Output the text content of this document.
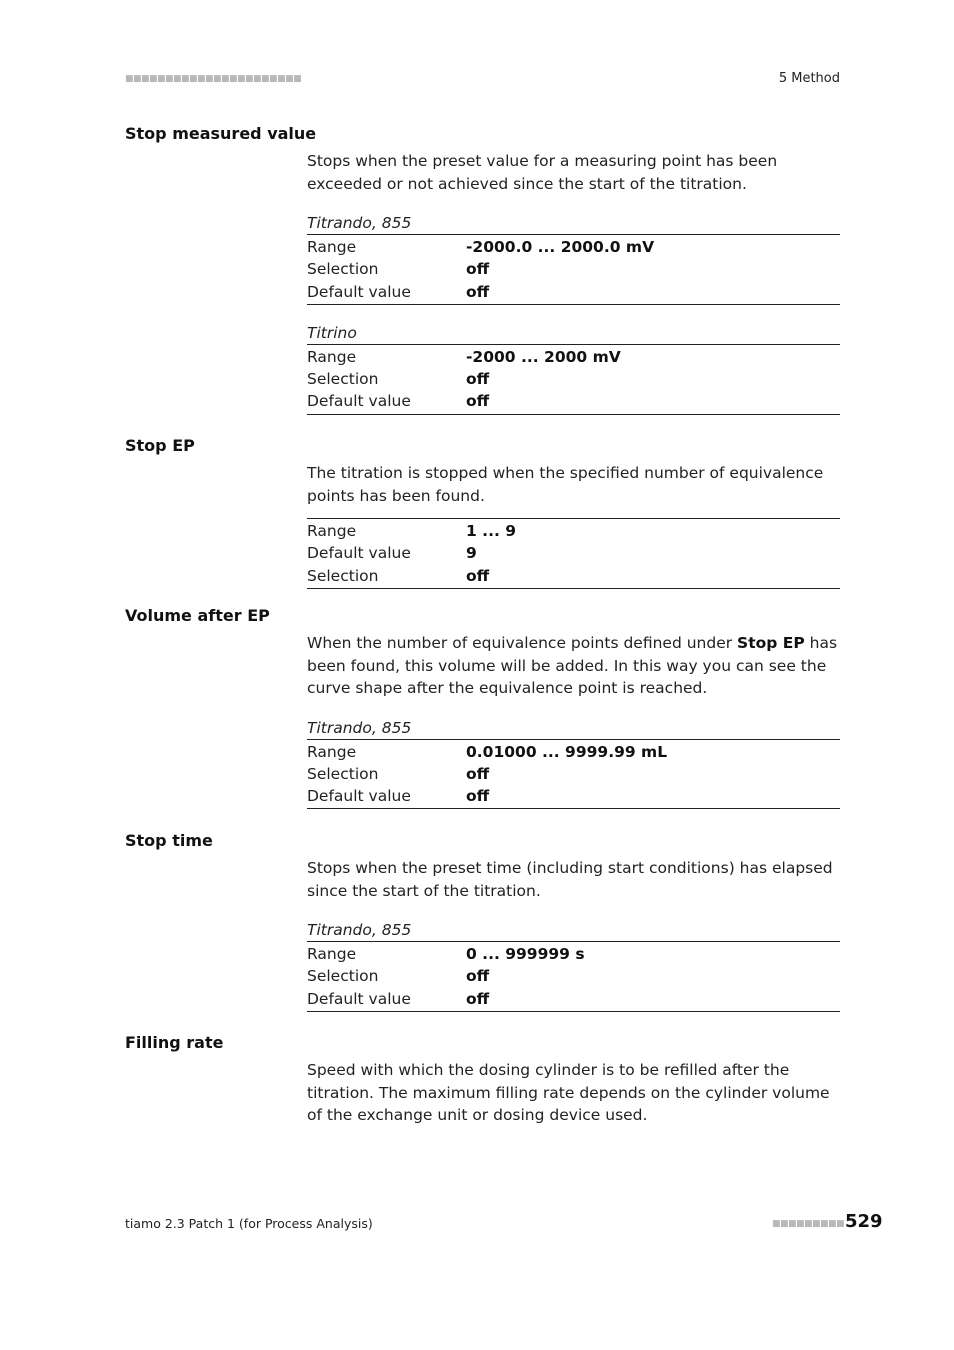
■■■■■■■■■■■■■■■■■■■■■■	5 Method
Stop measured value

Stops when the preset value for a measuring point has been exceeded or not achieved since the start of the titration.

Titrando, 855
Range	-2000.0 ... 2000.0 mV
Selection	off
Default value	off
Titrino
Range	-2000 ... 2000 mV
Selection	off
Default value	off
Stop EP

The titration is stopped when the specified number of equivalence points has been found.

Range	1 ... 9
Default value	9
Selection	off
Volume after EP

When the number of equivalence points defined under Stop EP has been found, this volume will be added. In this way you can see the curve shape after the equivalence point is reached.

Titrando, 855
Range	0.01000 ... 9999.99 mL
Selection	off
Default value	off
Stop time

Stops when the preset time (including start conditions) has elapsed since the start of the titration.

Titrando, 855
Range	0 ... 999999 s
Selection	off
Default value	off
Filling rate

Speed with which the dosing cylinder is to be refilled after the titration. The maximum filling rate depends on the cylinder volume of the exchange unit or dosing device used.

tiamo 2.3 Patch 1 (for Process Analysis)	■■■■■■■■■ 529
